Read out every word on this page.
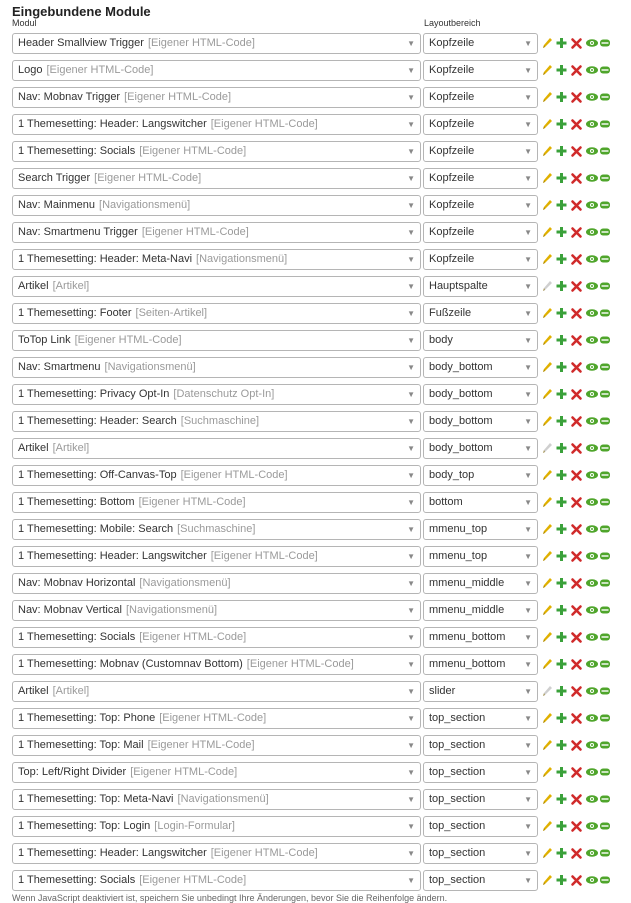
Eingebundene Module
Modul	Layoutbereich
Header Smallview Trigger [Eigener HTML-Code]	▼	Kopfzeile	▼
Logo [Eigener HTML-Code]	▼	Kopfzeile	▼
Nav: Mobnav Trigger [Eigener HTML-Code]	▼	Kopfzeile	▼
1 Themesetting: Header: Langswitcher [Eigener HTML-Code]	▼	Kopfzeile	▼
1 Themesetting: Socials [Eigener HTML-Code]	▼	Kopfzeile	▼
Search Trigger [Eigener HTML-Code]	▼	Kopfzeile	▼
Nav: Mainmenu [Navigationsmenü]	▼	Kopfzeile	▼
Nav: Smartmenu Trigger [Eigener HTML-Code]	▼	Kopfzeile	▼
1 Themesetting: Header: Meta-Navi [Navigationsmenü]	▼	Kopfzeile	▼
Artikel [Artikel]	▼	Hauptspalte	▼
1 Themesetting: Footer [Seiten-Artikel]	▼	Fußzeile	▼
ToTop Link [Eigener HTML-Code]	▼	body	▼
Nav: Smartmenu [Navigationsmenü]	▼	body_bottom	▼
1 Themesetting: Privacy Opt-In [Datenschutz Opt-In]	▼	body_bottom	▼
1 Themesetting: Header: Search [Suchmaschine]	▼	body_bottom	▼
Artikel [Artikel]	▼	body_bottom	▼
1 Themesetting: Off-Canvas-Top [Eigener HTML-Code]	▼	body_top	▼
1 Themesetting: Bottom [Eigener HTML-Code]	▼	bottom	▼
1 Themesetting: Mobile: Search [Suchmaschine]	▼	mmenu_top	▼
1 Themesetting: Header: Langswitcher [Eigener HTML-Code]	▼	mmenu_top	▼
Nav: Mobnav Horizontal [Navigationsmenü]	▼	mmenu_middle ▼
Nav: Mobnav Vertical [Navigationsmenü]	▼	mmenu_middle ▼
1 Themesetting: Socials [Eigener HTML-Code]	▼	mmenu_bottom ▼
1 Themesetting: Mobnav (Customnav Bottom) [Eigener HTML-Code]	▼	mmenu_bottom ▼
Artikel [Artikel]	▼	slider	▼
1 Themesetting: Top: Phone [Eigener HTML-Code]	▼	top_section	▼
1 Themesetting: Top: Mail [Eigener HTML-Code]	▼	top_section	▼
Top: Left/Right Divider [Eigener HTML-Code]	▼	top_section	▼
1 Themesetting: Top: Meta-Navi [Navigationsmenü]	▼	top_section	▼
1 Themesetting: Top: Login [Login-Formular]	▼	top_section	▼
1 Themesetting: Header: Langswitcher [Eigener HTML-Code]	▼	top_section	▼
1 Themesetting: Socials [Eigener HTML-Code]	▼	top_section	▼
Wenn JavaScript deaktiviert ist, speichern Sie unbedingt Ihre Änderungen, bevor Sie die Reihenfolge ändern.
